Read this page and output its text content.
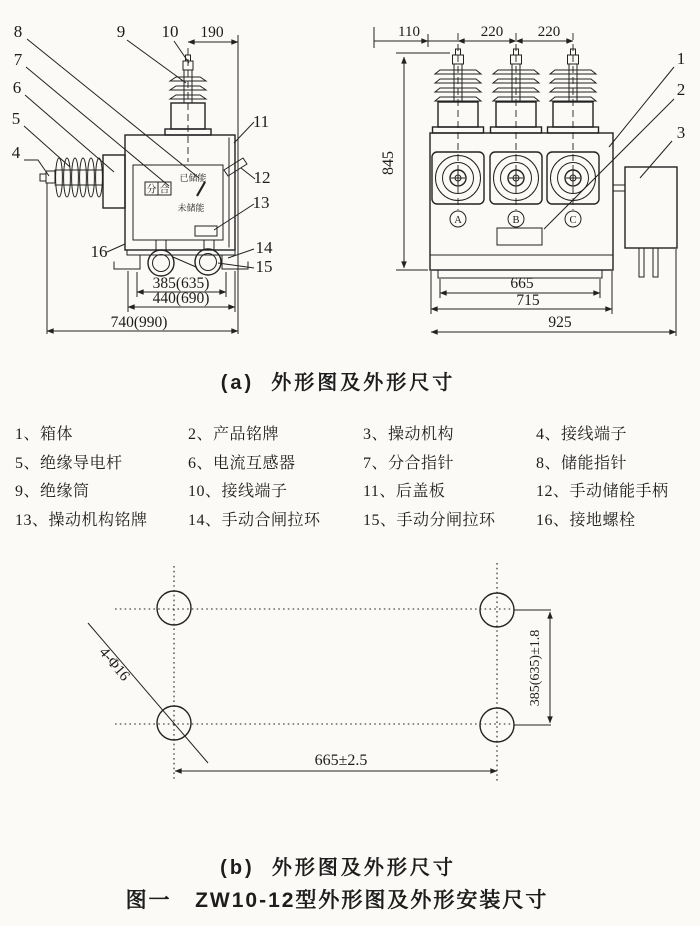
分 合
已储能
未储能
8
7
6
5
4
9 10
11
12
13
14
15
16
190
385(635)
440(690)
740(990)
A	B	C
1
2
3
110	220 220
845
665
715
925
(a)  外形图及外形尺寸
1、箱体	2、产品铭牌	3、操动机构	4、接线端子
5、绝缘导电杆	6、电流互感器	7、分合指针	8、储能指针
9、绝缘筒	10、接线端子	11、后盖板	12、手动储能手柄
13、操动机构铭牌	14、手动合闸拉环	15、手动分闸拉环	16、接地螺栓
4-Φ16	385(635)±1.8
665±2.5
(b)  外形图及外形尺寸
图一   ZW10-12型外形图及外形安装尺寸
